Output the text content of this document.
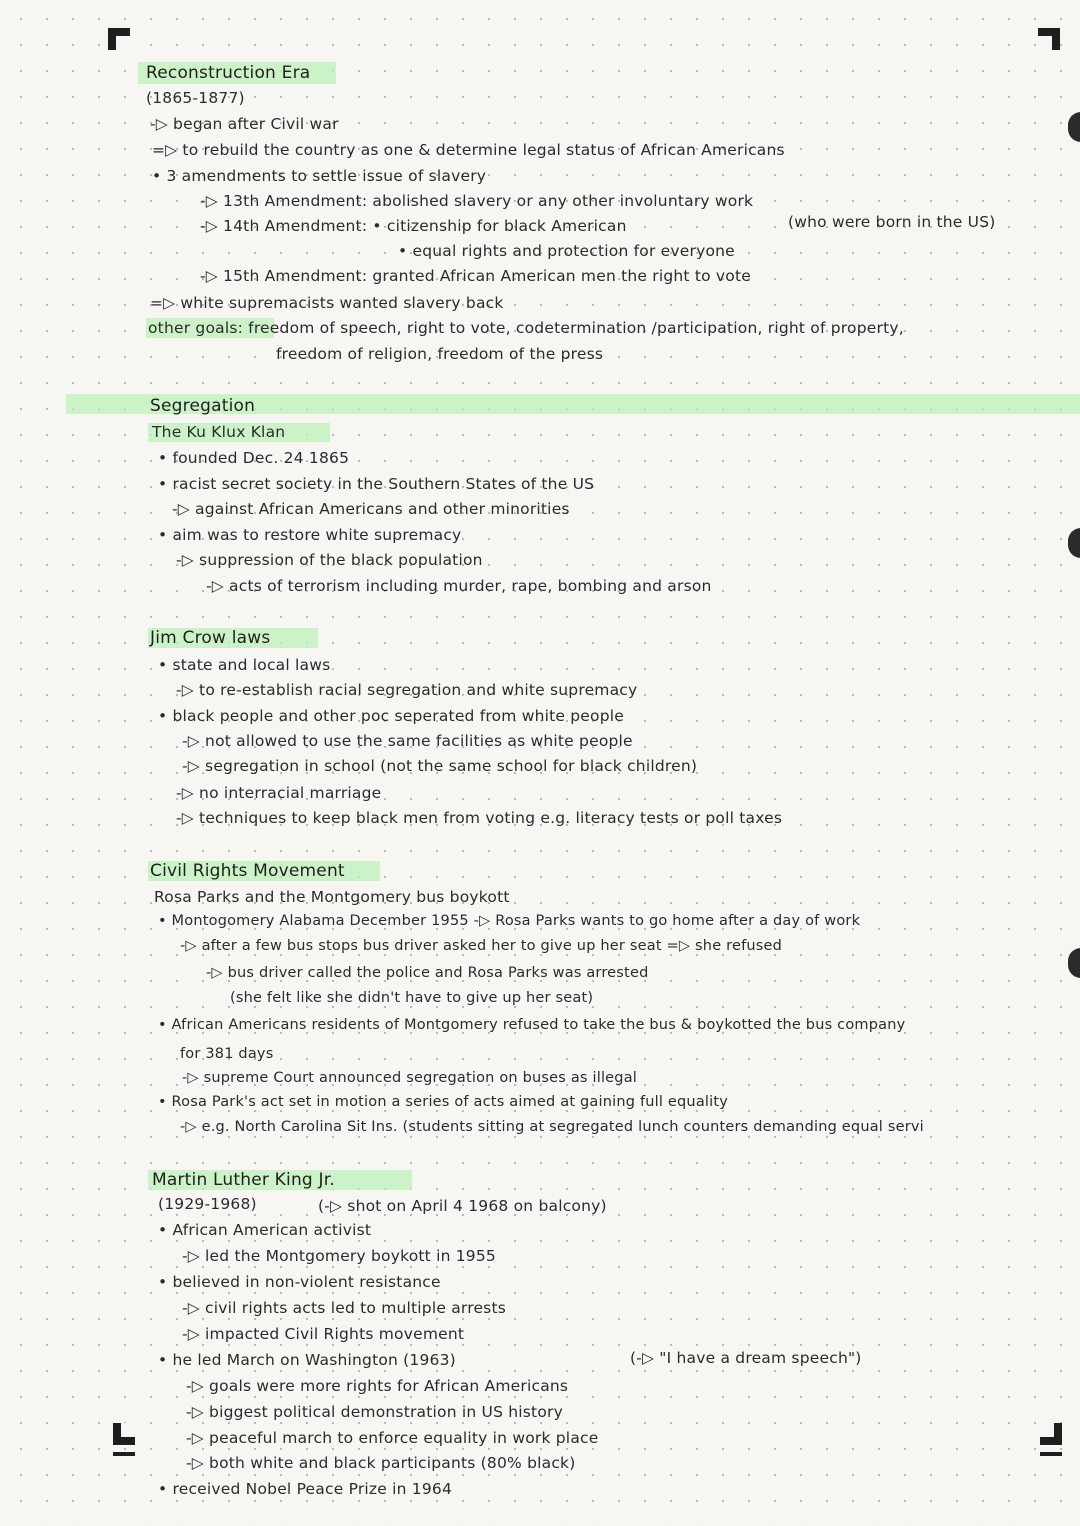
Reconstruction Era
(1865-1877)
-▷ began after Civil war
=▷ to rebuild the country as one & determine legal status of African Americans
• 3 amendments to settle issue of slavery
-▷ 13th Amendment: abolished slavery or any other involuntary work
-▷ 14th Amendment: • citizenship for black American	(who were born in the US)
• equal rights and protection for everyone
-▷ 15th Amendment: granted African American men the right to vote
=▷ white supremacists wanted slavery back
other goals: freedom of speech, right to vote, codetermination /participation, right of property,
freedom of religion, freedom of the press
Segregation
The Ku Klux Klan
• founded Dec. 24 1865
• racist secret society in the Southern States of the US
-▷ against African Americans and other minorities
• aim was to restore white supremacy
-▷ suppression of the black population
-▷ acts of terrorism including murder, rape, bombing and arson
Jim Crow laws
• state and local laws
-▷ to re-establish racial segregation and white supremacy
• black people and other poc seperated from white people
-▷ not allowed to use the same facilities as white people
-▷ segregation in school (not the same school for black children)
-▷ no interracial marriage
-▷ techniques to keep black men from voting e.g. literacy tests or poll taxes
Civil Rights Movement
Rosa Parks and the Montgomery bus boykott
• Montogomery Alabama December 1955 -▷ Rosa Parks wants to go home after a day of work
-▷ after a few bus stops bus driver asked her to give up her seat =▷ she refused
-▷ bus driver called the police and Rosa Parks was arrested
(she felt like she didn't have to give up her seat)
• African Americans residents of Montgomery refused to take the bus & boykotted the bus company
for 381 days
-▷ supreme Court announced segregation on buses as illegal
• Rosa Park's act set in motion a series of acts aimed at gaining full equality
-▷ e.g. North Carolina Sit Ins. (students sitting at segregated lunch counters demanding equal servi
Martin Luther King Jr.
(1929-1968)	(-▷ shot on April 4 1968 on balcony)
• African American activist
-▷ led the Montgomery boykott in 1955
• believed in non-violent resistance
-▷ civil rights acts led to multiple arrests
-▷ impacted Civil Rights movement
• he led March on Washington (1963)	(-▷ "I have a dream speech")
-▷ goals were more rights for African Americans
-▷ biggest political demonstration in US history
-▷ peaceful march to enforce equality in work place
-▷ both white and black participants (80% black)
• received Nobel Peace Prize in 1964
